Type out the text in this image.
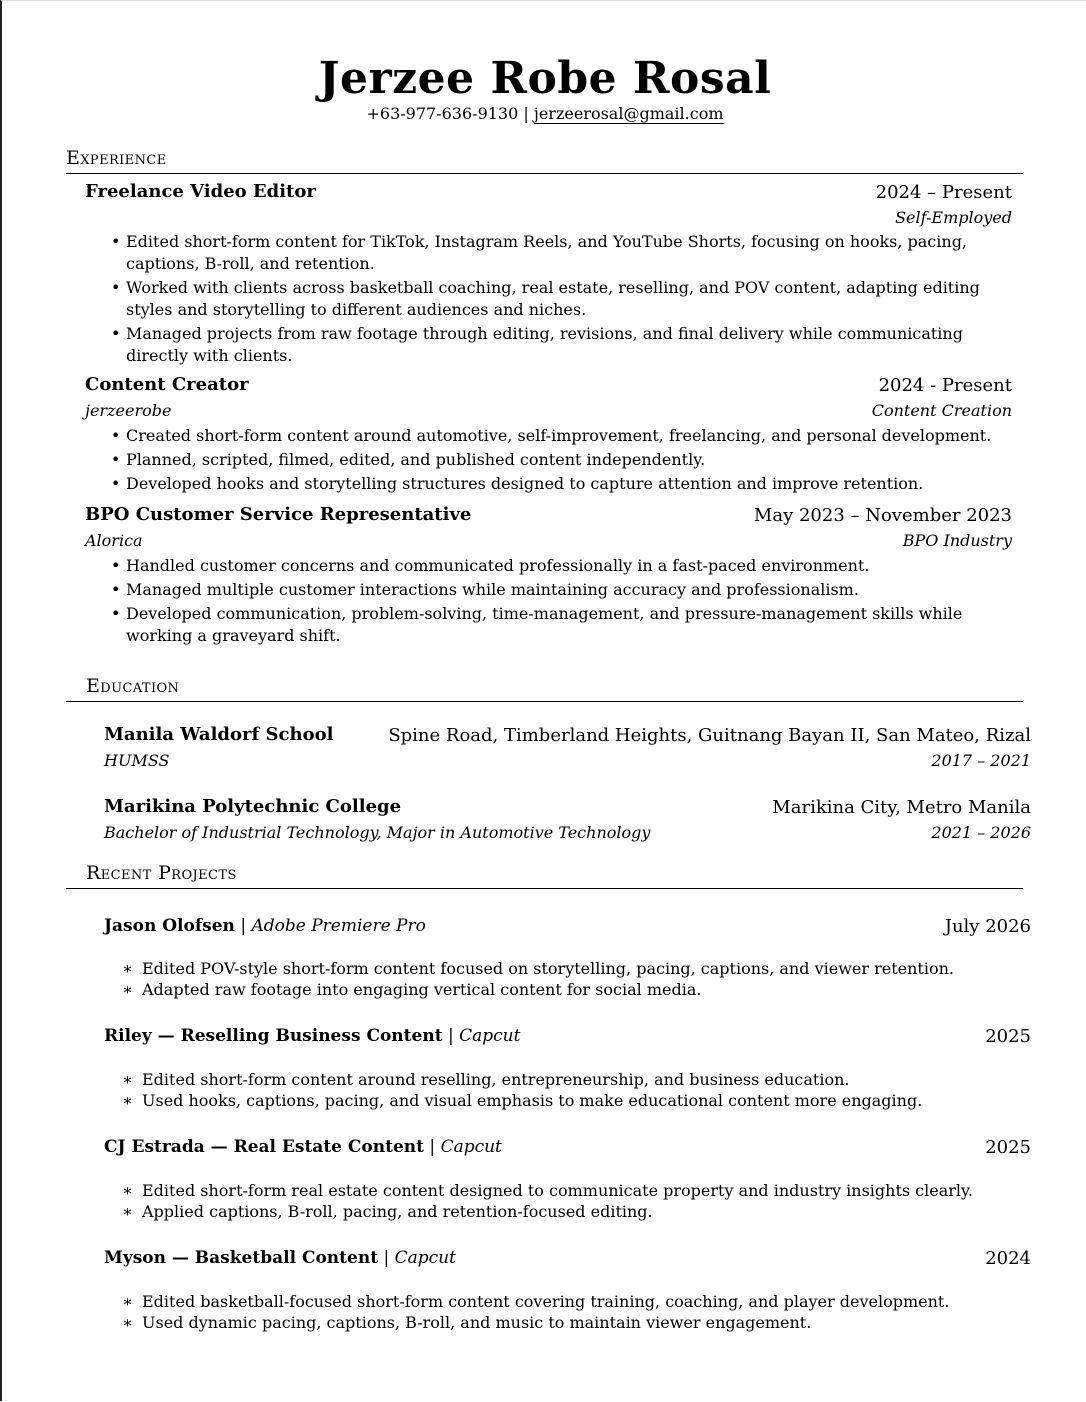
Jerzee Robe Rosal
+63-977-636-9130 | jerzeerosal@gmail.com
Experience
Freelance Video Editor	2024 – Present
Self-Employed
• Edited short-form content for TikTok, Instagram Reels, and YouTube Shorts, focusing on hooks, pacing, captions, B-roll, and retention.
• Worked with clients across basketball coaching, real estate, reselling, and POV content, adapting editing styles and storytelling to different audiences and niches.
• Managed projects from raw footage through editing, revisions, and final delivery while communicating directly with clients.
Content Creator	2024 - Present
jerzeerobe	Content Creation
• Created short-form content around automotive, self-improvement, freelancing, and personal development.
• Planned, scripted, filmed, edited, and published content independently.
• Developed hooks and storytelling structures designed to capture attention and improve retention.
BPO Customer Service Representative	May 2023 – November 2023
Alorica	BPO Industry
• Handled customer concerns and communicated professionally in a fast-paced environment.
• Managed multiple customer interactions while maintaining accuracy and professionalism.
• Developed communication, problem-solving, time-management, and pressure-management skills while working a graveyard shift.
Education
Manila Waldorf School	Spine Road, Timberland Heights, Guitnang Bayan II, San Mateo, Rizal
HUMSS	2017 – 2021
Marikina Polytechnic College	Marikina City, Metro Manila
Bachelor of Industrial Technology, Major in Automotive Technology	2021 – 2026
Recent Projects
Jason Olofsen | Adobe Premiere Pro	July 2026
∗ Edited POV-style short-form content focused on storytelling, pacing, captions, and viewer retention.
∗ Adapted raw footage into engaging vertical content for social media.
Riley — Reselling Business Content | Capcut	2025
∗ Edited short-form content around reselling, entrepreneurship, and business education.
∗ Used hooks, captions, pacing, and visual emphasis to make educational content more engaging.
CJ Estrada — Real Estate Content | Capcut	2025
∗ Edited short-form real estate content designed to communicate property and industry insights clearly.
∗ Applied captions, B-roll, pacing, and retention-focused editing.
Myson — Basketball Content | Capcut	2024
∗ Edited basketball-focused short-form content covering training, coaching, and player development.
∗ Used dynamic pacing, captions, B-roll, and music to maintain viewer engagement.
